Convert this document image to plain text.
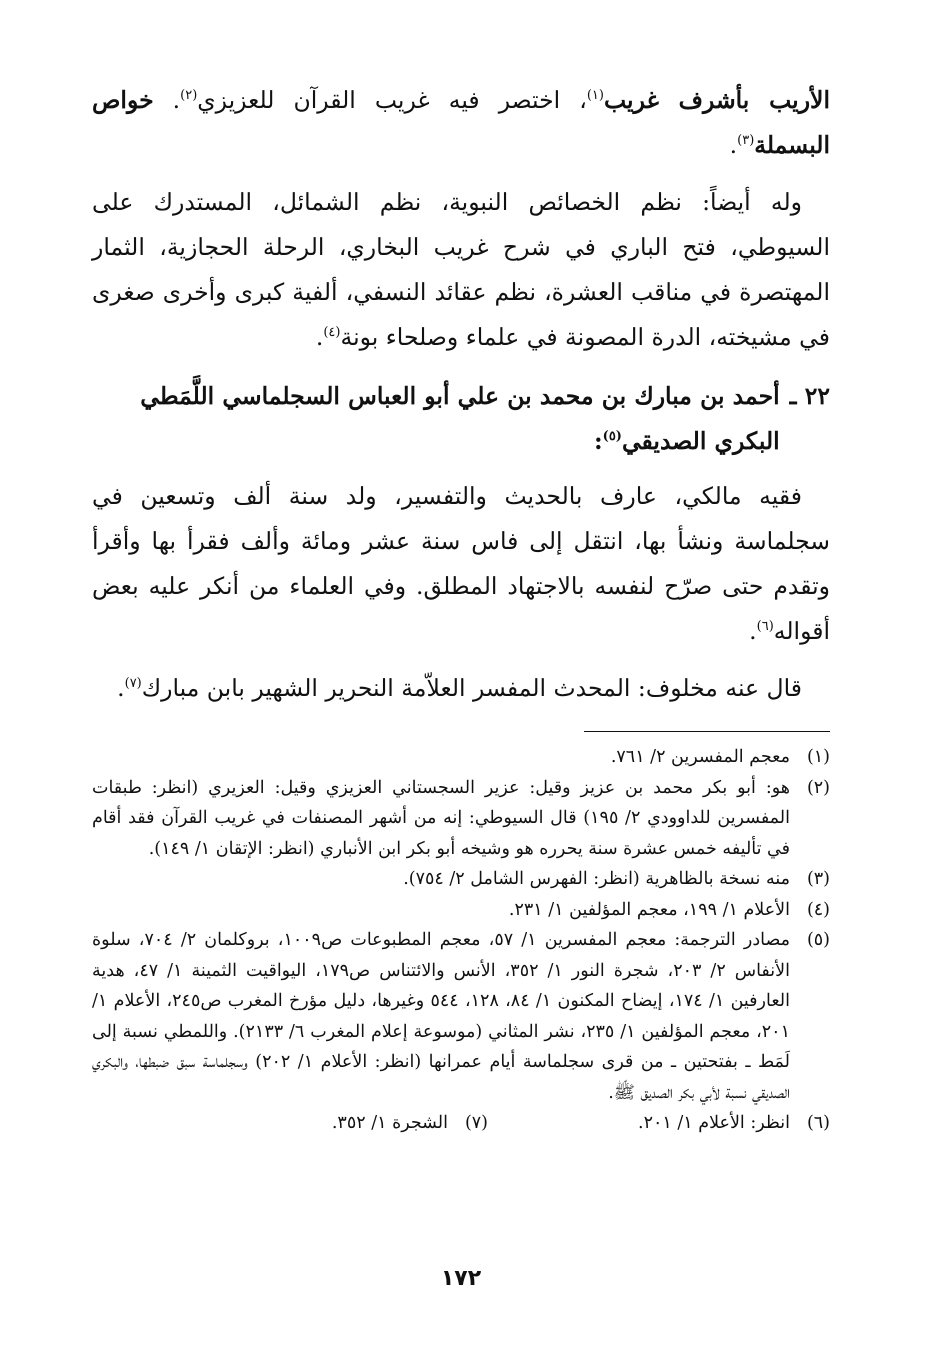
الأريب بأشرف غريب$^{(١)}$، اختصر فيه غريب القرآن للعزيزي$^{(٢)}$. خواص البسملة$^{(٣)}$.

وله أيضاً: نظم الخصائص النبوية، نظم الشمائل، المستدرك على السيوطي، فتح الباري في شرح غريب البخاري، الرحلة الحجازية، الثمار المهتصرة في مناقب العشرة، نظم عقائد النسفي، ألفية كبرى وأخرى صغرى في مشيخته، الدرة المصونة في علماء وصلحاء بونة$^{(٤)}$.

٢٢ ـ
أحمد بن مبارك بن محمد بن علي أبو العباس السجلماسي اللَّمَطي البكري الصديقي$^{(٥)}$:

فقيه مالكي، عارف بالحديث والتفسير، ولد سنة ألف وتسعين في سجلماسة ونشأ بها، انتقل إلى فاس سنة عشر ومائة وألف فقرأ بها وأقرأ وتقدم حتى صرّح لنفسه بالاجتهاد المطلق. وفي العلماء من أنكر عليه بعض أقواله$^{(٦)}$.

قال عنه مخلوف: المحدث المفسر العلاّمة النحرير الشهير بابن مبارك$^{(٧)}$.

(١)
معجم المفسرين ٢/ ٧٦١.
(٢)
هو: أبو بكر محمد بن عزيز وقيل: عزير السجستاني العزيزي وقيل: العزيري (انظر: طبقات المفسرين للداوودي ٢/ ١٩٥) قال السيوطي: إنه من أشهر المصنفات في غريب القرآن فقد أقام في تأليفه خمس عشرة سنة يحرره هو وشيخه أبو بكر ابن الأنباري (انظر: الإتقان ١/ ١٤٩).
(٣)
منه نسخة بالظاهرية (انظر: الفهرس الشامل ٢/ ٧٥٤).
(٤)
الأعلام ١/ ١٩٩، معجم المؤلفين ١/ ٢٣١.
(٥)
مصادر الترجمة: معجم المفسرين ١/ ٥٧، معجم المطبوعات ص١٠٠٩، بروكلمان ٢/ ٧٠٤، سلوة الأنفاس ٢/ ٢٠٣، شجرة النور ١/ ٣٥٢، الأنس والائتناس ص١٧٩، اليواقيت الثمينة ١/ ٤٧، هدية العارفين ١/ ١٧٤، إيضاح المكنون ١/ ٨٤، ١٢٨، ٥٤٤ وغيرها، دليل مؤرخ المغرب ص٢٤٥، الأعلام ١/ ٢٠١، معجم المؤلفين ١/ ٢٣٥، نشر المثاني (موسوعة إعلام المغرب ٦/ ٢١٣٣). واللمطي نسبة إلى لَمَط ـ بفتحتين ـ من قرى سجلماسة أيام عمرانها (انظر: الأعلام ١/ ٢٠٢) وسجلماسة سبق ضبطها، والبكري الصديقي نسبة لأبي بكر الصديق ﷺ.
(٦)
انظر: الأعلام ١/ ٢٠١.
(٧)
الشجرة ١/ ٣٥٢.
١٧٢
